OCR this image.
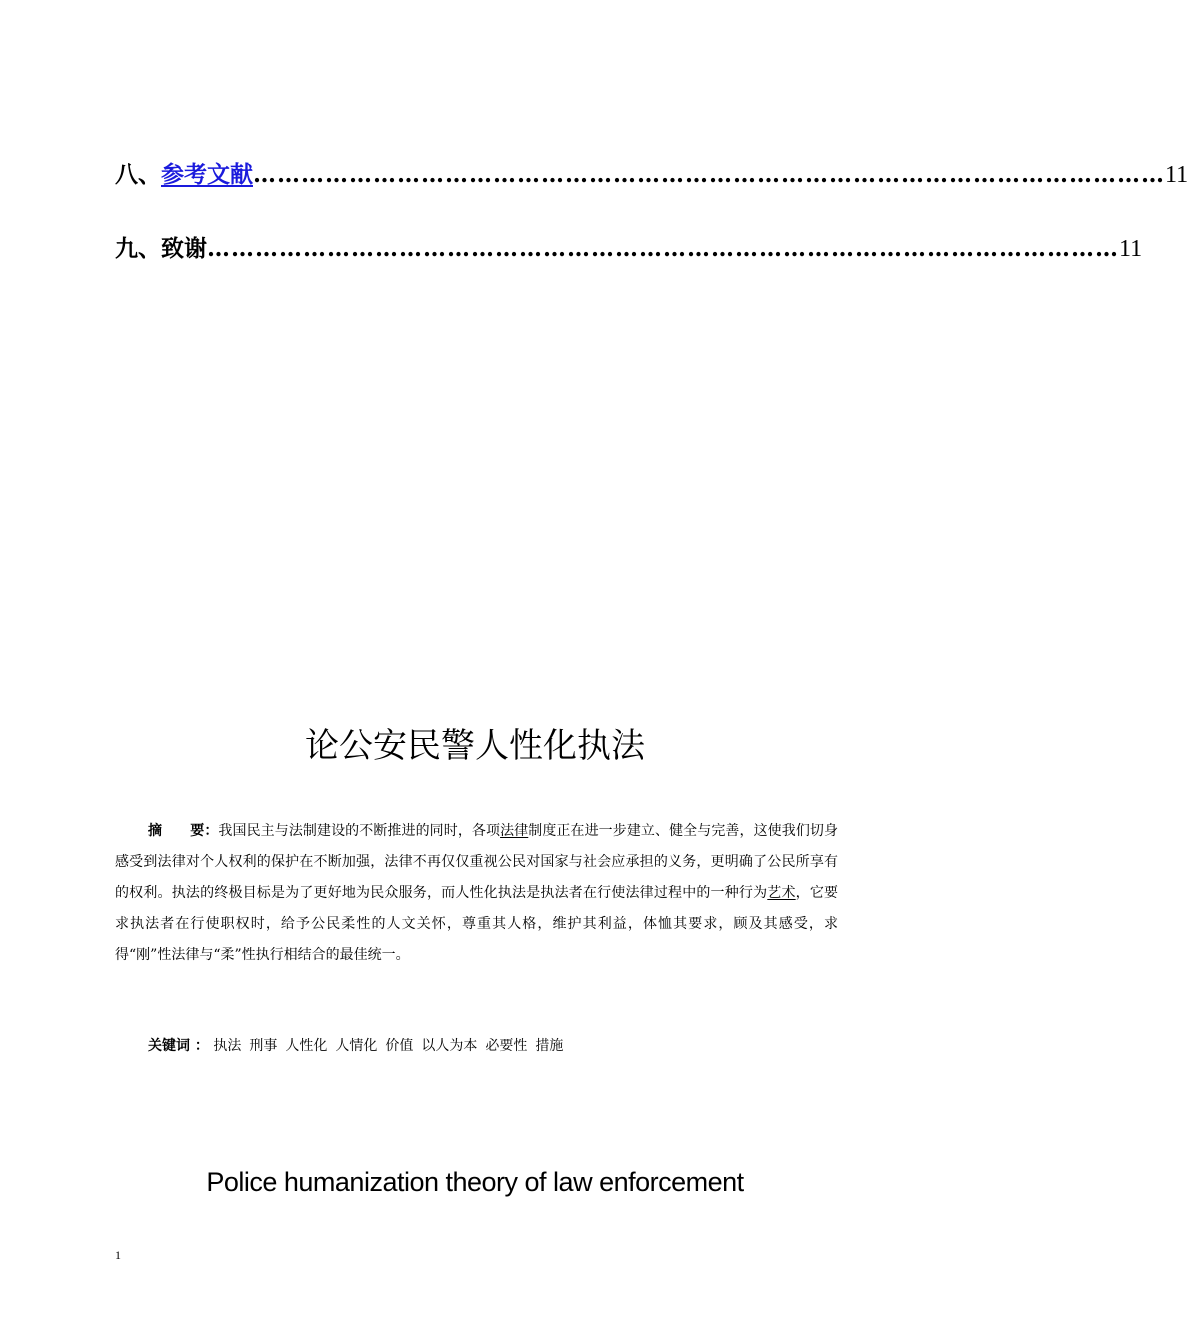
八、 参考文献 …………………………………………………………………………………………………… 11
九、 致谢 …………………………………………………………………………………………………… 11
论公安民警人性化执法

摘　　要：我国民主与法制建设的不断推进的同时，各项法律制度正在进一步建立、健全与完善，这使我们切身感受到法律对个人权利的保护在不断加强，法律不再仅仅重视公民对国家与社会应承担的义务，更明确了公民所享有的权利。执法的终极目标是为了更好地为民众服务，而人性化执法是执法者在行使法律过程中的一种行为艺术，它要求执法者在行使职权时，给予公民柔性的人文关怀，尊重其人格，维护其利益，体恤其要求，顾及其感受，求得“刚”性法律与“柔”性执行相结合的最佳统一。

关键词 ： 执法 刑事 人性化 人情化 价值 以人为本 必要性 措施
Police humanization theory of law enforcement
1
